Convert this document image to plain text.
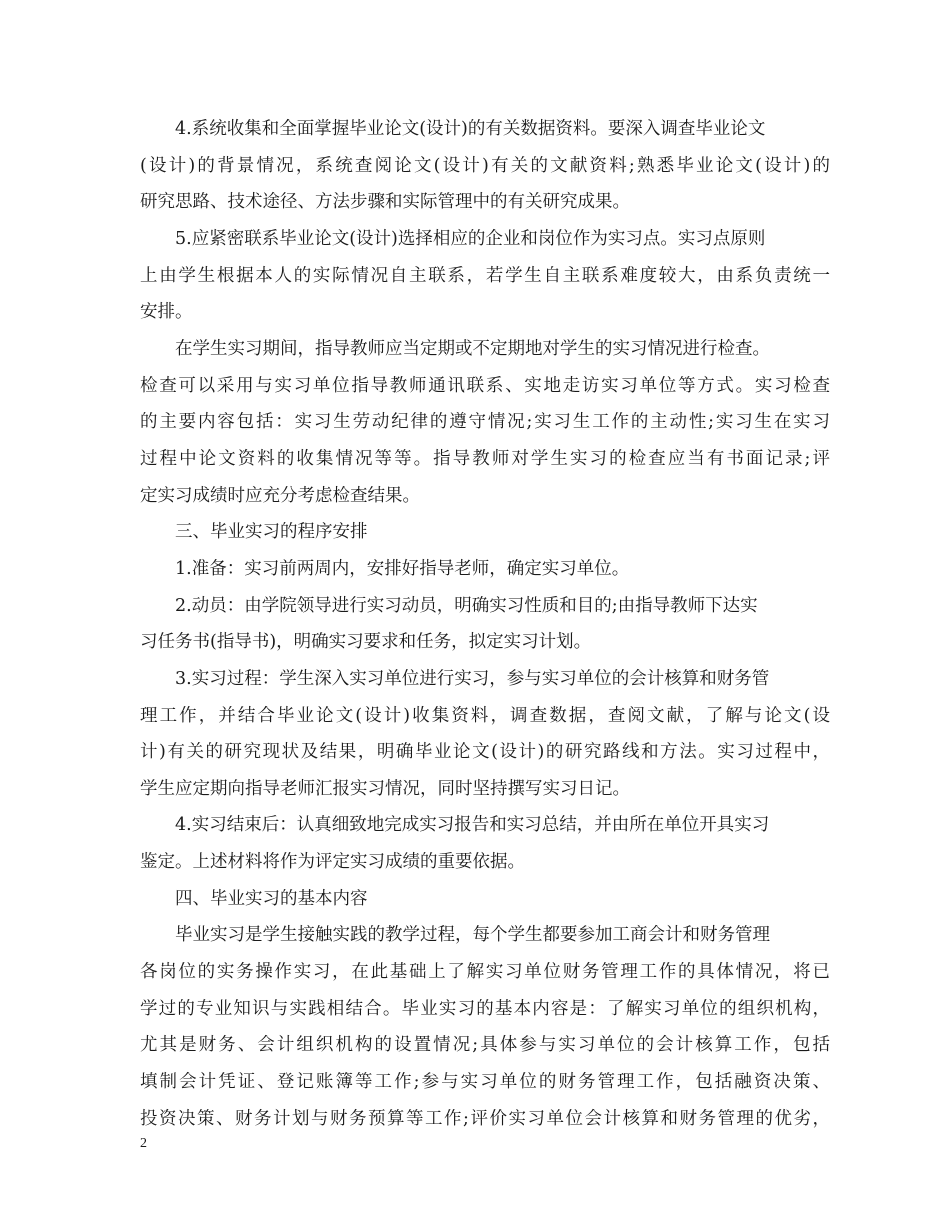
4.系统收集和全面掌握毕业论文(设计)的有关数据资料。要深入调查毕业论文
(设计)的背景情况，系统查阅论文(设计)有关的文献资料;熟悉毕业论文(设计)的
研究思路、技术途径、方法步骤和实际管理中的有关研究成果。
5.应紧密联系毕业论文(设计)选择相应的企业和岗位作为实习点。实习点原则
上由学生根据本人的实际情况自主联系，若学生自主联系难度较大，由系负责统一
安排。
在学生实习期间，指导教师应当定期或不定期地对学生的实习情况进行检查。
检查可以采用与实习单位指导教师通讯联系、实地走访实习单位等方式。实习检查
的主要内容包括：实习生劳动纪律的遵守情况;实习生工作的主动性;实习生在实习
过程中论文资料的收集情况等等。指导教师对学生实习的检查应当有书面记录;评
定实习成绩时应充分考虑检查结果。
三、毕业实习的程序安排
1.准备：实习前两周内，安排好指导老师，确定实习单位。
2.动员：由学院领导进行实习动员，明确实习性质和目的;由指导教师下达实
习任务书(指导书)，明确实习要求和任务，拟定实习计划。
3.实习过程：学生深入实习单位进行实习，参与实习单位的会计核算和财务管
理工作，并结合毕业论文(设计)收集资料，调查数据，查阅文献，了解与论文(设
计)有关的研究现状及结果，明确毕业论文(设计)的研究路线和方法。实习过程中，
学生应定期向指导老师汇报实习情况，同时坚持撰写实习日记。
4.实习结束后：认真细致地完成实习报告和实习总结，并由所在单位开具实习
鉴定。上述材料将作为评定实习成绩的重要依据。
四、毕业实习的基本内容
毕业实习是学生接触实践的教学过程，每个学生都要参加工商会计和财务管理
各岗位的实务操作实习，在此基础上了解实习单位财务管理工作的具体情况，将已
学过的专业知识与实践相结合。毕业实习的基本内容是：了解实习单位的组织机构，
尤其是财务、会计组织机构的设置情况;具体参与实习单位的会计核算工作，包括
填制会计凭证、登记账簿等工作;参与实习单位的财务管理工作，包括融资决策、
投资决策、财务计划与财务预算等工作;评价实习单位会计核算和财务管理的优劣，
2
